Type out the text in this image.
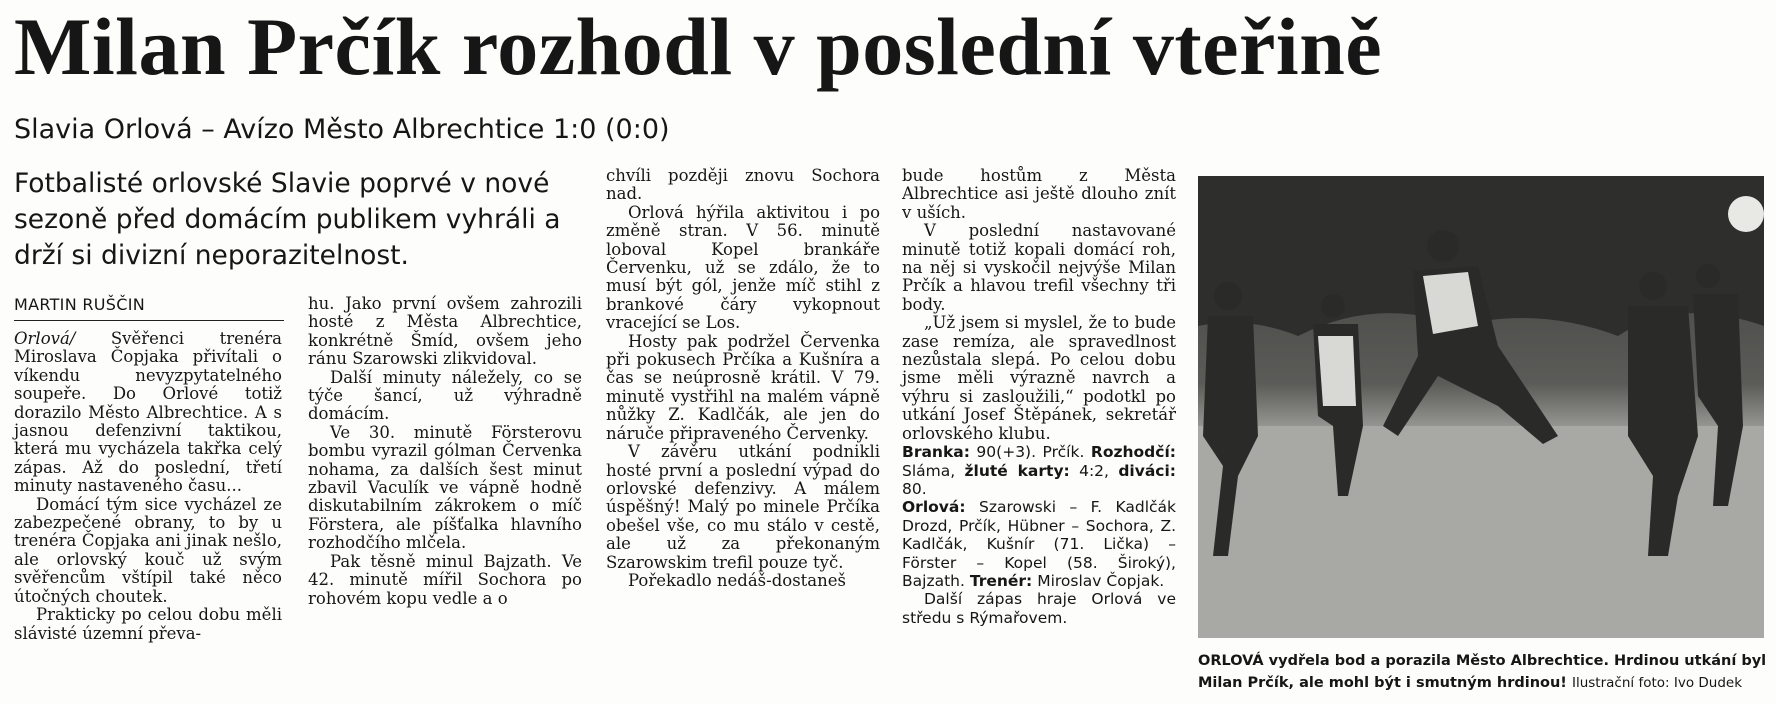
Milan Prčík rozhodl v poslední vteřině
Slavia Orlová – Avízo Město Albrechtice 1:0 (0:0)
Fotbalisté orlovské Slavie poprvé v nové sezoně před domácím publikem vyhráli a drží si divizní neporazitelnost.
MARTIN RUŠČIN

Orlová/ Svěřenci trenéra Miroslava Čopjaka přivítali o víkendu nevyzpytatelného soupeře. Do Orlové totiž dorazilo Město Albrechtice. A s jasnou defenzivní taktikou, která mu vycházela takřka celý zápas. Až do poslední, třetí minuty nastaveného času...

Domácí tým sice vycházel ze zabezpečené obrany, to by u trenéra Čopjaka ani jinak nešlo, ale orlovský kouč už svým svěřencům vštípil také něco útočných choutek.

Prakticky po celou dobu měli slávisté územní převa-

hu. Jako první ovšem zahrozili hosté z Města Albrechtice, konkrétně Šmíd, ovšem jeho ránu Szarowski zlikvidoval.

Další minuty náležely, co se týče šancí, už výhradně domácím.

Ve 30. minutě Försterovu bombu vyrazil gólman Červenka nohama, za dalších šest minut zbavil Vaculík ve vápně hodně diskutabilním zákrokem o míč Förstera, ale píšťalka hlavního rozhodčího mlčela.

Pak těsně minul Bajzath. Ve 42. minutě mířil Sochora po rohovém kopu vedle a o

chvíli později znovu Sochora nad.

Orlová hýřila aktivitou i po změně stran. V 56. minutě loboval Kopel brankáře Červenku, už se zdálo, že to musí být gól, jenže míč stihl z brankové čáry vykopnout vracející se Los.

Hosty pak podržel Červenka při pokusech Prčíka a Kušníra a čas se neúprosně krátil. V 79. minutě vystřihl na malém vápně nůžky Z. Kadlčák, ale jen do náruče připraveného Červenky.

V závěru utkání podnikli hosté první a poslední výpad do orlovské defenzivy. A málem úspěšný! Malý po minele Prčíka obešel vše, co mu stálo v cestě, ale už za překonaným Szarowskim trefil pouze tyč.

Pořekadlo nedáš-dostaneš

bude hostům z Města Albrechtice asi ještě dlouho znít v uších.

V poslední nastavované minutě totiž kopali domácí roh, na něj si vyskočil nejvýše Milan Prčík a hlavou trefil všechny tři body.

„Už jsem si myslel, že to bude zase remíza, ale spravedlnost nezůstala slepá. Po celou dobu jsme měli výrazně navrch a výhru si zasloužili,“ podotkl po utkání Josef Štěpánek, sekretář orlovského klubu.

Branka: 90(+3). Prčík. Rozhodčí: Sláma, žluté karty: 4:2, diváci: 80.

Orlová: Szarowski – F. Kadlčák Drozd, Prčík, Hübner – Sochora, Z. Kadlčák, Kušnír (71. Lička) – Förster – Kopel (58. Široký), Bajzath. Trenér: Miroslav Čopjak.

Další zápas hraje Orlová ve středu s Rýmařovem.

ORLOVÁ vydřela bod a porazila Město Albrechtice. Hrdinou utkání byl Milan Prčík, ale mohl být i smutným hrdinou! Ilustrační foto: Ivo Dudek
